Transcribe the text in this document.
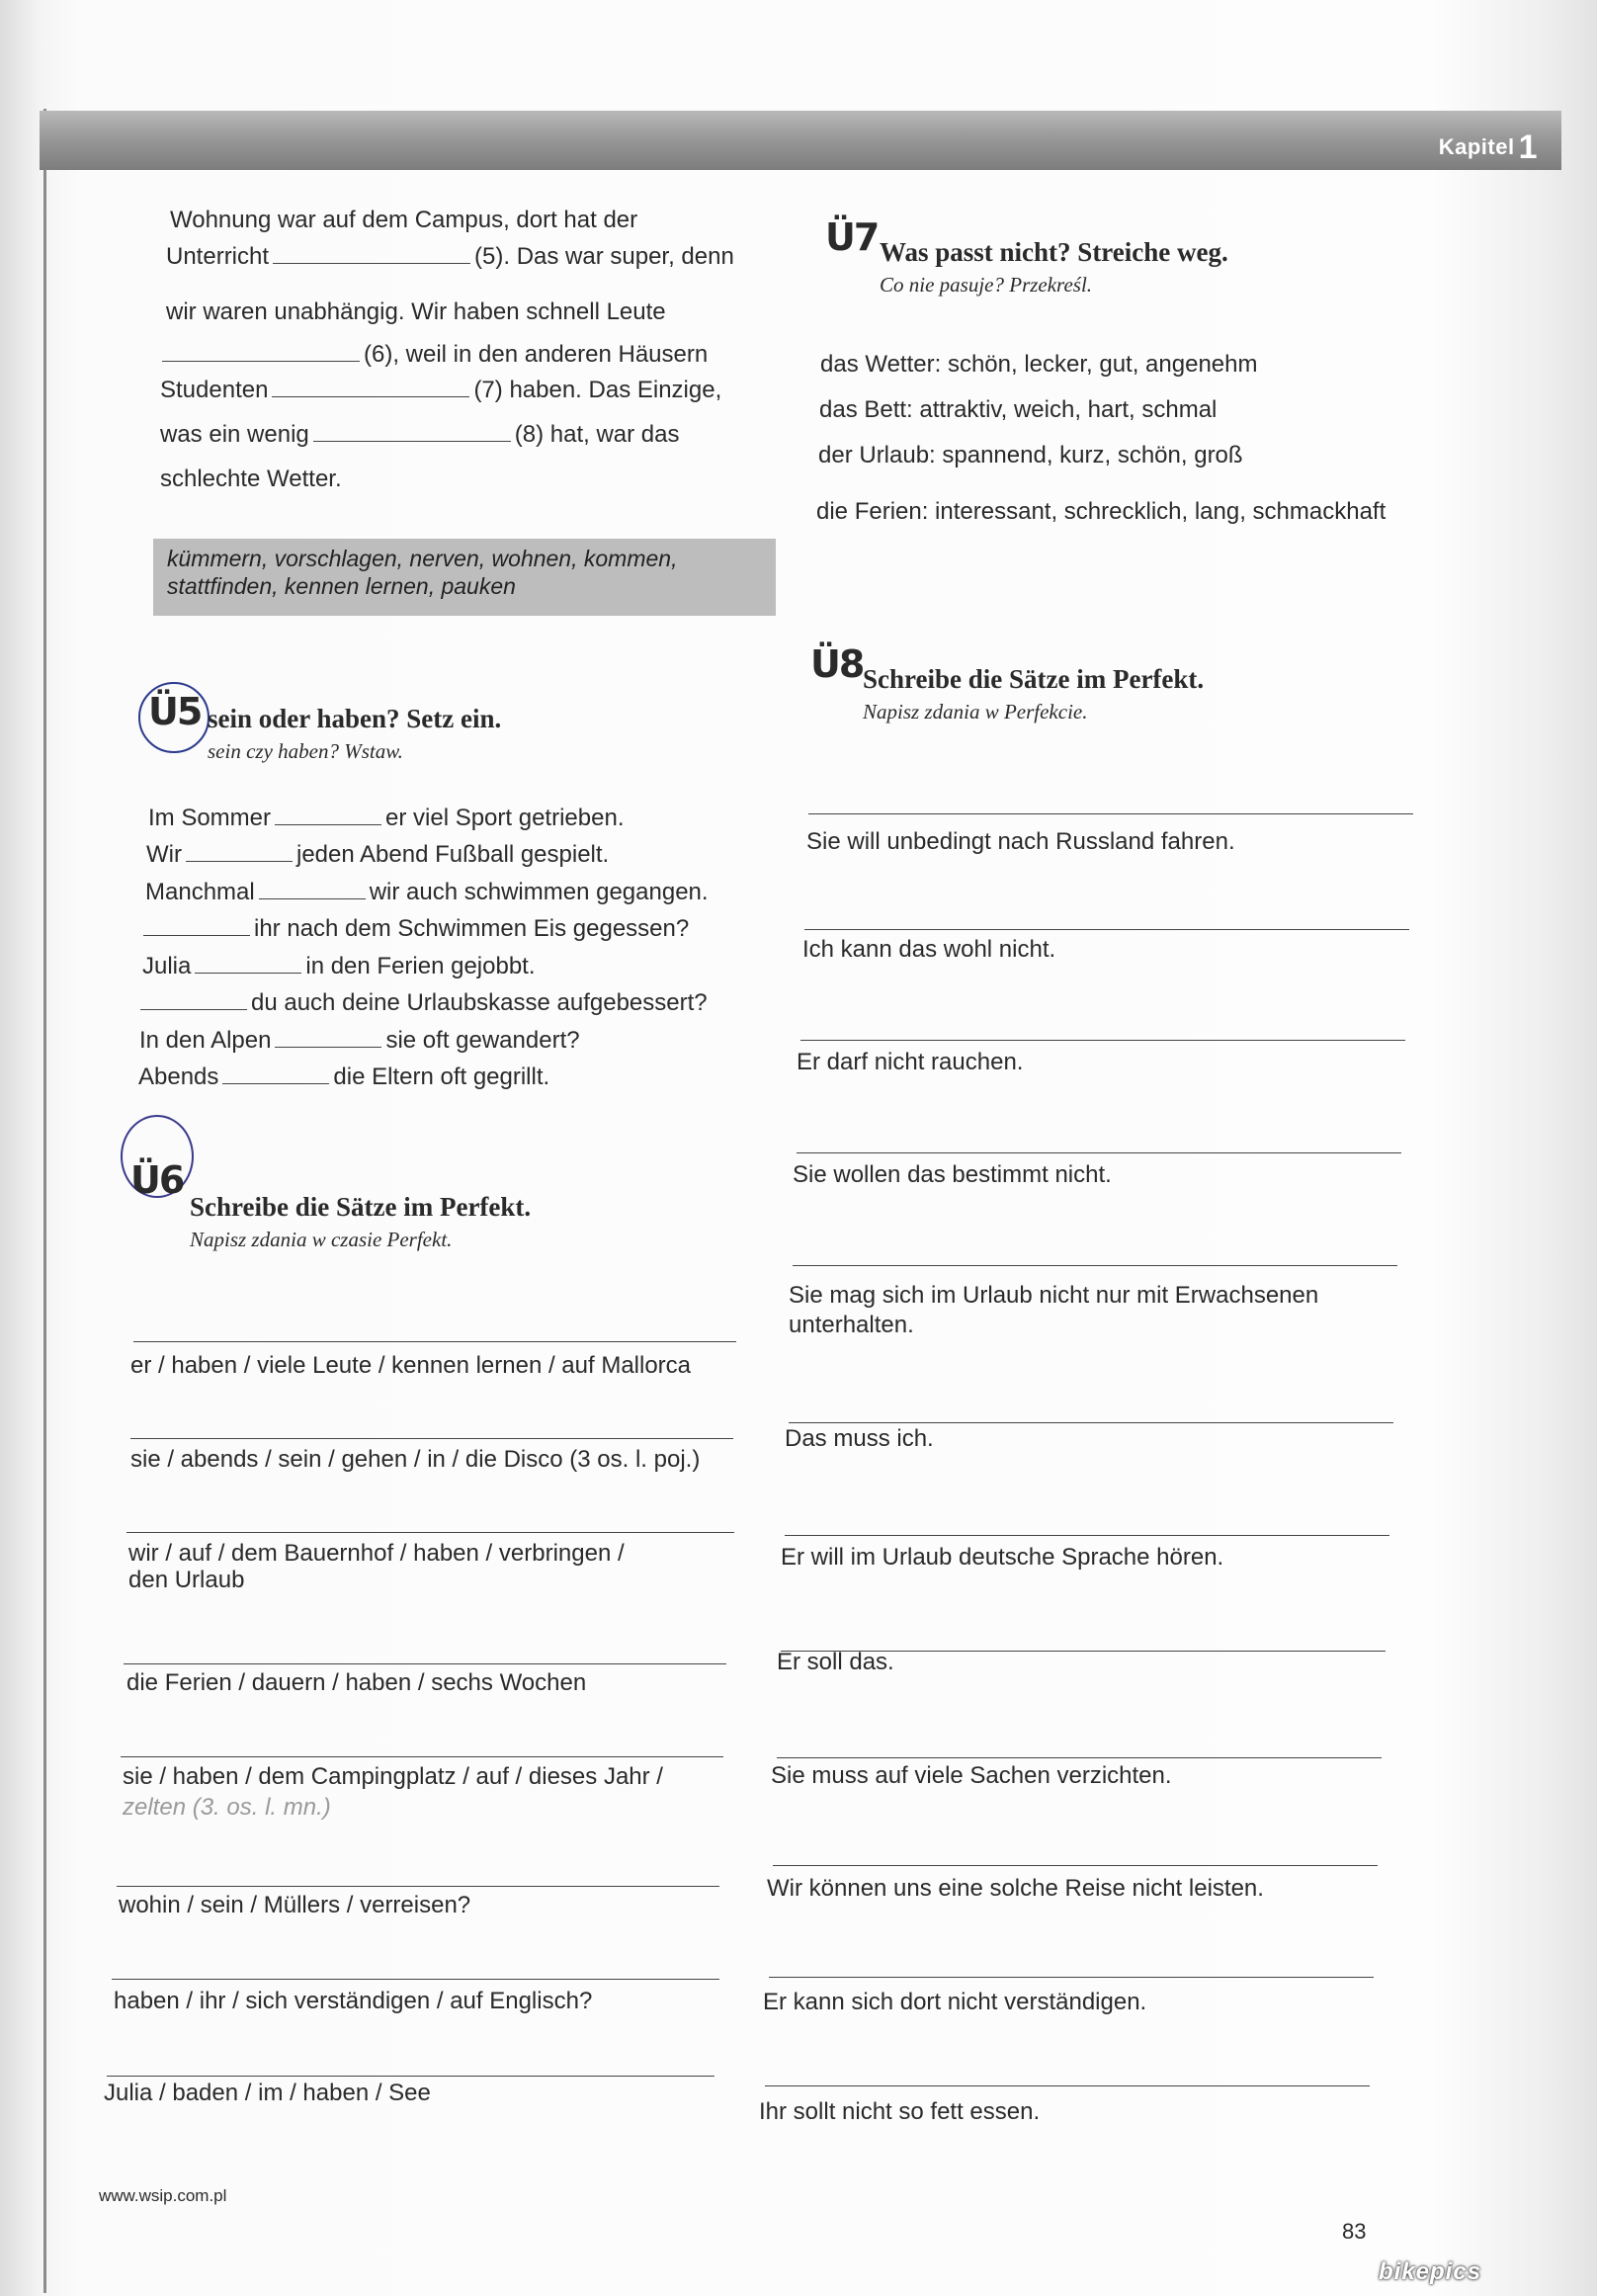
Kapitel 1
Wohnung war auf dem Campus, dort hat der
Unterricht	(5). Das war super, denn
wir waren unabhängig. Wir haben schnell Leute
(6), weil in den anderen Häusern
Studenten	(7) haben. Das Einzige,
was ein wenig	(8) hat, war das
schlechte Wetter.
kümmern, vorschlagen, nerven, wohnen, kommen,
stattfinden, kennen lernen, pauken
Ü5 sein oder haben? Setz ein.
sein czy haben? Wstaw.
Im Sommer	er viel Sport getrieben.
Wir	jeden Abend Fußball gespielt.
Manchmal	wir auch schwimmen gegangen.
ihr nach dem Schwimmen Eis gegessen?
Julia	in den Ferien gejobbt.
du auch deine Urlaubskasse aufgebessert?
In den Alpen	sie oft gewandert?
Abends	die Eltern oft gegrillt.
Ü6
Schreibe die Sätze im Perfekt.
Napisz zdania w czasie Perfekt.
er / haben / viele Leute / kennen lernen / auf Mallorca
sie / abends / sein / gehen / in / die Disco (3 os. l. poj.)
wir / auf / dem Bauernhof / haben / verbringen /
den Urlaub
die Ferien / dauern / haben / sechs Wochen
sie / haben / dem Campingplatz / auf / dieses Jahr /
zelten (3. os. l. mn.)
wohin / sein / Müllers / verreisen?
haben / ihr / sich verständigen / auf Englisch?
Julia / baden / im / haben / See
Ü7 Was passt nicht? Streiche weg.
Co nie pasuje? Przekreśl.
das Wetter: schön, lecker, gut, angenehm
das Bett: attraktiv, weich, hart, schmal
der Urlaub: spannend, kurz, schön, groß
die Ferien: interessant, schrecklich, lang, schmackhaft
Ü8 Schreibe die Sätze im Perfekt.
Napisz zdania w Perfekcie.
Sie will unbedingt nach Russland fahren.
Ich kann das wohl nicht.
Er darf nicht rauchen.
Sie wollen das bestimmt nicht.
Sie mag sich im Urlaub nicht nur mit Erwachsenen
unterhalten.
Das muss ich.
Er will im Urlaub deutsche Sprache hören.
Er soll das.
Sie muss auf viele Sachen verzichten.
Wir können uns eine solche Reise nicht leisten.
Er kann sich dort nicht verständigen.
Ihr sollt nicht so fett essen.
www.wsip.com.pl
83
bikepics
